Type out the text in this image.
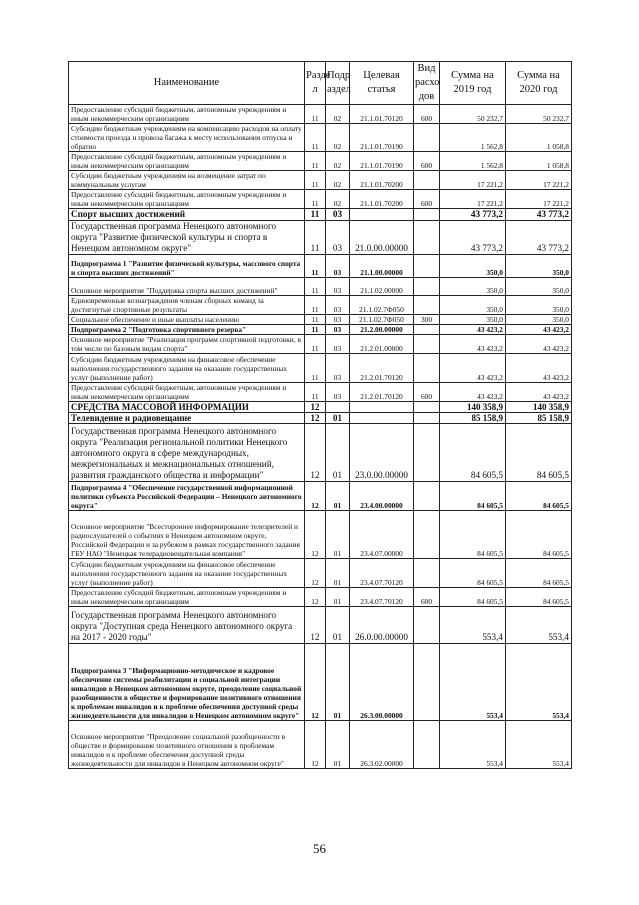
Наименование	Разде л	Подр аздел	Целевая статья	Вид расхо дов	Сумма на 2019 год	Сумма на 2020 год
Предоставление субсидий бюджетным, автономным учреждениям и иным некоммерческим организациям	11	02	21.1.01.70120	600	50 232,7	50 232,7
Субсидии бюджетным учреждениям на компенсацию расходов на оплату стоимости проезда и провоза багажа к месту использования отпуска и обратно	11	02	21.1.01.70190		1 562,8	1 058,8
Предоставление субсидий бюджетным, автономным учреждениям и иным некоммерческим организациям	11	02	21.1.01.70190	600	1 562,8	1 058,8
Субсидии бюджетным учреждениям на возмещение затрат по коммунальным услугам	11	02	21.1.01.70200		17 221,2	17 221,2
Предоставление субсидий бюджетным, автономным учреждениям и иным некоммерческим организациям	11	02	21.1.01.70200	600	17 221,2	17 221,2
Спорт высших достижений	11	03			43 773,2	43 773,2
Государственная программа Ненецкого автономного округа "Развитие физической культуры и спорта в Ненецком автономном округе"	11	03	21.0.00.00000		43 773,2	43 773,2
Подпрограмма 1 "Развитие физической культуры, массового спорта и спорта высших достижений"	11	03	21.1.00.00000		350,0	350,0
Основное мероприятие "Поддержка спорта высших достижений"	11	03	21.1.02.00000		350,0	350,0
Единовременные вознаграждения членам сборных команд за достигнутые спортивные результаты	11	03	21.1.02.7Ф050		350,0	350,0
Социальное обеспечение и иные выплаты населению	11	03	21.1.02.7Ф050	300	350,0	350,0
Подпрограмма 2 "Подготовка спортивного резерва"	11	03	21.2.00.00000		43 423,2	43 423,2
Основное мероприятие "Реализация программ спортивной подготовки, в том числе по базовым видам спорта"	11	03	21.2.01.00000		43 423,2	43 423,2
Субсидии бюджетным учреждениям на финансовое обеспечение выполнения государственного задания на оказание государственных услуг (выполнение работ)	11	03	21.2.01.70120		43 423,2	43 423,2
Предоставление субсидий бюджетным, автономным учреждениям и иным некоммерческим организациям	11	03	21.2.01.70120	600	43 423,2	43 423,2
СРЕДСТВА МАССОВОЙ ИНФОРМАЦИИ	12				140 358,9	140 358,9
Телевидение и радиовещание	12	01			85 158,9	85 158,9
Государственная программа Ненецкого автономного округа "Реализация региональной политики Ненецкого автономного округа в сфере международных, межрегиональных и межнациональных отношений, развития гражданского общества и информации"	12	01	23.0.00.00000		84 605,5	84 605,5
Подпрограмма 4 "Обеспечение государственной информационной политики субъекта Российской Федерации – Ненецкого автономного округа"	12	01	23.4.00.00000		84 605,5	84 605,5
Основное мероприятие "Всестороннее информирование телезрителей и радиослушателей о событиях в Ненецком автономном округе, Российской Федерации и за рубежом в рамках государственного задания ГБУ НАО "Ненецкая телерадиовещательная компания"	12	01	23.4.07.00000		84 605,5	84 605,5
Субсидии бюджетным учреждениям на финансовое обеспечение выполнения государственного задания на оказание государственных услуг (выполнение работ)	12	01	23.4.07.70120		84 605,5	84 605,5
Предоставление субсидий бюджетным, автономным учреждениям и иным некоммерческим организациям	12	01	23.4.07.70120	600	84 605,5	84 605,5
Государственная программа Ненецкого автономного округа "Доступная среда Ненецкого автономного округа на 2017 - 2020 годы"	12	01	26.0.00.00000		553,4	553,4
Подпрограмма 3 "Информационно-методическое и кадровое обеспечение системы реабилитации и социальной интеграции инвалидов в Ненецком автономном округе, преодоление социальной разобщенности в обществе и формирование позитивного отношения к проблемам инвалидов и к проблеме обеспечения доступной среды жизнедеятельности для инвалидов в Ненецком автономном округе"	12	01	26.3.00.00000		553,4	553,4
Основное мероприятие "Преодоление социальной разобщенности в обществе и формирование позитивного отношения к проблемам инвалидов и к проблеме обеспечения доступной среды жизнедеятельности для инвалидов в Ненецком автономном округе"	12	01	26.3.02.00000		553,4	553,4
56
